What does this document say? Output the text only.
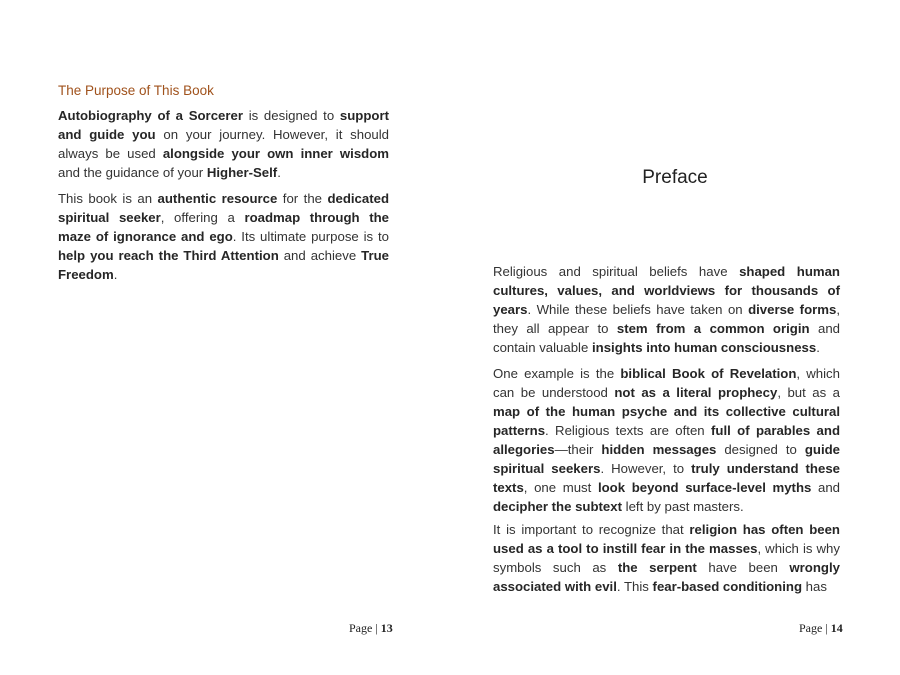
The Purpose of This Book

Autobiography of a Sorcerer is designed to support and guide you on your journey. However, it should always be used alongside your own inner wisdom and the guidance of your Higher-Self.

This book is an authentic resource for the dedicated spiritual seeker, offering a roadmap through the maze of ignorance and ego. Its ultimate purpose is to help you reach the Third Attention and achieve True Freedom.

Page | 13
Preface

Religious and spiritual beliefs have shaped human cultures, values, and worldviews for thousands of years. While these beliefs have taken on diverse forms, they all appear to stem from a common origin and contain valuable insights into human consciousness.

One example is the biblical Book of Revelation, which can be understood not as a literal prophecy, but as a map of the human psyche and its collective cultural patterns. Religious texts are often full of parables and allegories—their hidden messages designed to guide spiritual seekers. However, to truly understand these texts, one must look beyond surface-level myths and decipher the subtext left by past masters.

It is important to recognize that religion has often been used as a tool to instill fear in the masses, which is why symbols such as the serpent have been wrongly associated with evil. This fear-based conditioning has

Page | 14
